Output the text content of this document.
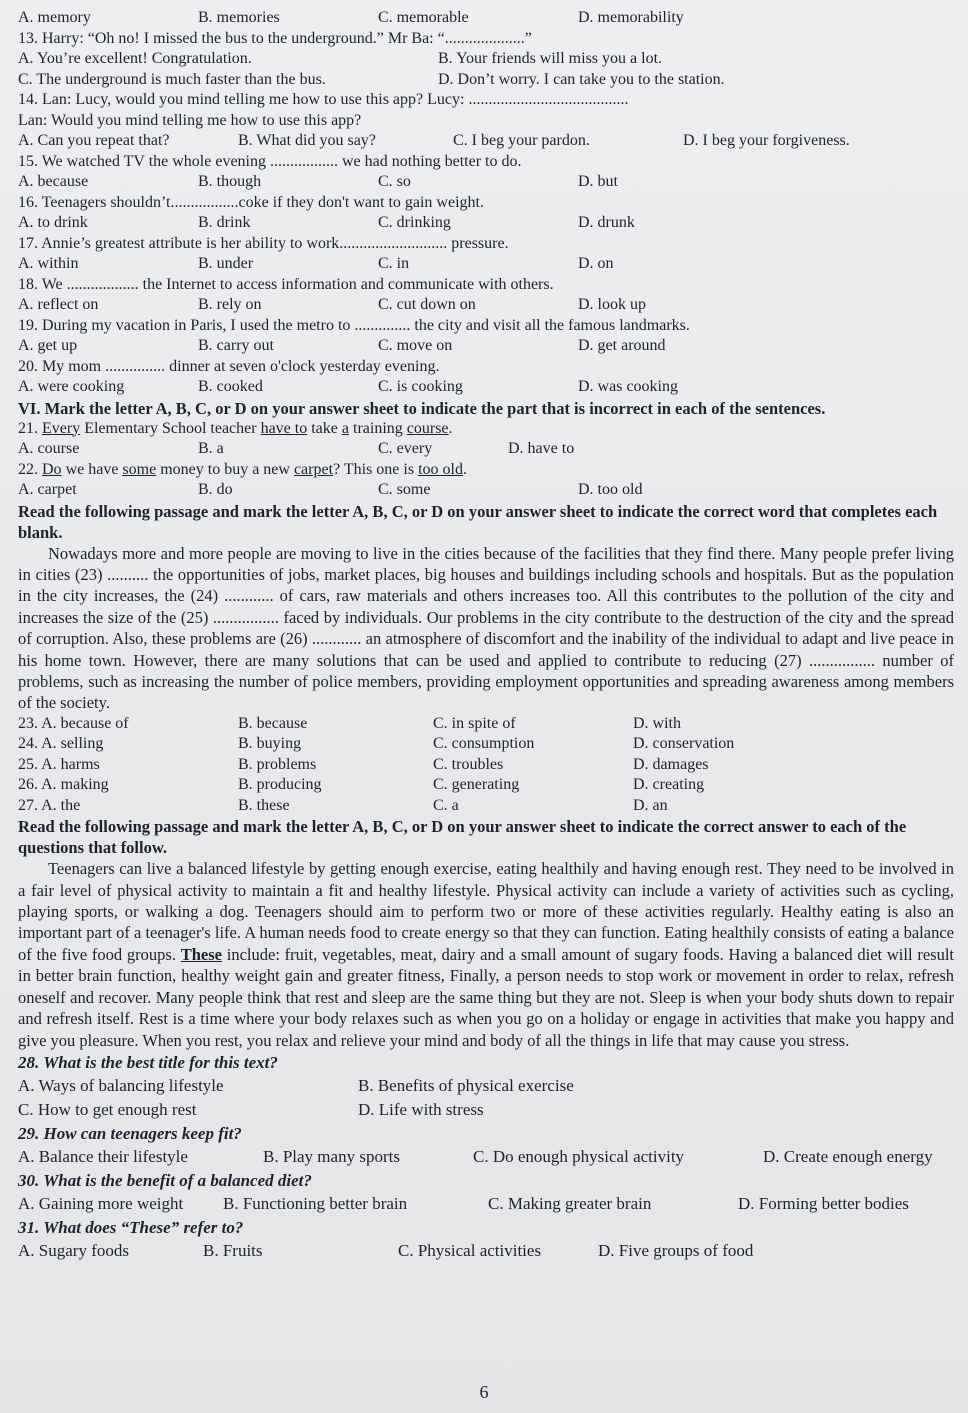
A. memory	B. memories	C. memorable	D. memorability
13. Harry: “Oh no! I missed the bus to the underground.” Mr Ba: “....................”
A. You’re excellent! Congratulation.	B. Your friends will miss you a lot.
C. The underground is much faster than the bus.	D. Don’t worry. I can take you to the station.
14. Lan: Lucy, would you mind telling me how to use this app? Lucy: ........................................
Lan: Would you mind telling me how to use this app?
A. Can you repeat that?	B. What did you say?	C. I beg your pardon.	D. I beg your forgiveness.
15. We watched TV the whole evening ................. we had nothing better to do.
A. because	B. though	C. so	D. but
16. Teenagers shouldn’t.................coke if they don't want to gain weight.
A. to drink	B. drink	C. drinking	D. drunk
17. Annie’s greatest attribute is her ability to work........................... pressure.
A. within	B. under	C. in	D. on
18. We .................. the Internet to access information and communicate with others.
A. reflect on	B. rely on	C. cut down on	D. look up
19. During my vacation in Paris, I used the metro to .............. the city and visit all the famous landmarks.
A. get up	B. carry out	C. move on	D. get around
20. My mom ............... dinner at seven o'clock yesterday evening.
A. were cooking	B. cooked	C. is cooking	D. was cooking
VI. Mark the letter A, B, C, or D on your answer sheet to indicate the part that is incorrect in each of the sentences.
21. Every Elementary School teacher have to take a training course.
A. course	B. a	C. every	D. have to
22. Do we have some money to buy a new carpet? This one is too old.
A. carpet	B. do	C. some	D. too old
Read the following passage and mark the letter A, B, C, or D on your answer sheet to indicate the correct word that completes each blank.

Nowadays more and more people are moving to live in the cities because of the facilities that they find there. Many people prefer living in cities (23) .......... the opportunities of jobs, market places, big houses and buildings including schools and hospitals. But as the population in the city increases, the (24) ............ of cars, raw materials and others increases too. All this contributes to the pollution of the city and increases the size of the (25) ................ faced by individuals. Our problems in the city contribute to the destruction of the city and the spread of corruption. Also, these problems are (26) ............ an atmosphere of discomfort and the inability of the individual to adapt and live peace in his home town. However, there are many solutions that can be used and applied to contribute to reducing (27) ................ number of problems, such as increasing the number of police members, providing employment opportunities and spreading awareness among members of the society.

23. A. because of	B. because	C. in spite of	D. with
24. A. selling	B. buying	C. consumption	D. conservation
25. A. harms	B. problems	C. troubles	D. damages
26. A. making	B. producing	C. generating	D. creating
27. A. the	B. these	C. a	D. an
Read the following passage and mark the letter A, B, C, or D on your answer sheet to indicate the correct answer to each of the questions that follow.

Teenagers can live a balanced lifestyle by getting enough exercise, eating healthily and having enough rest. They need to be involved in a fair level of physical activity to maintain a fit and healthy lifestyle. Physical activity can include a variety of activities such as cycling, playing sports, or walking a dog. Teenagers should aim to perform two or more of these activities regularly. Healthy eating is also an important part of a teenager's life. A human needs food to create energy so that they can function. Eating healthily consists of eating a balance of the five food groups. These include: fruit, vegetables, meat, dairy and a small amount of sugary foods. Having a balanced diet will result in better brain function, healthy weight gain and greater fitness, Finally, a person needs to stop work or movement in order to relax, refresh oneself and recover. Many people think that rest and sleep are the same thing but they are not. Sleep is when your body shuts down to repair and refresh itself. Rest is a time where your body relaxes such as when you go on a holiday or engage in activities that make you happy and give you pleasure. When you rest, you relax and relieve your mind and body of all the things in life that may cause you stress.

28. What is the best title for this text?
A. Ways of balancing lifestyle	B. Benefits of physical exercise
C. How to get enough rest	D. Life with stress
29. How can teenagers keep fit?
A. Balance their lifestyle	B. Play many sports	C. Do enough physical activity	D. Create enough energy
30. What is the benefit of a balanced diet?
A. Gaining more weight	B. Functioning better brain	C. Making greater brain	D. Forming better bodies
31. What does “These” refer to?
A. Sugary foods	B. Fruits	C. Physical activities	D. Five groups of food
6
